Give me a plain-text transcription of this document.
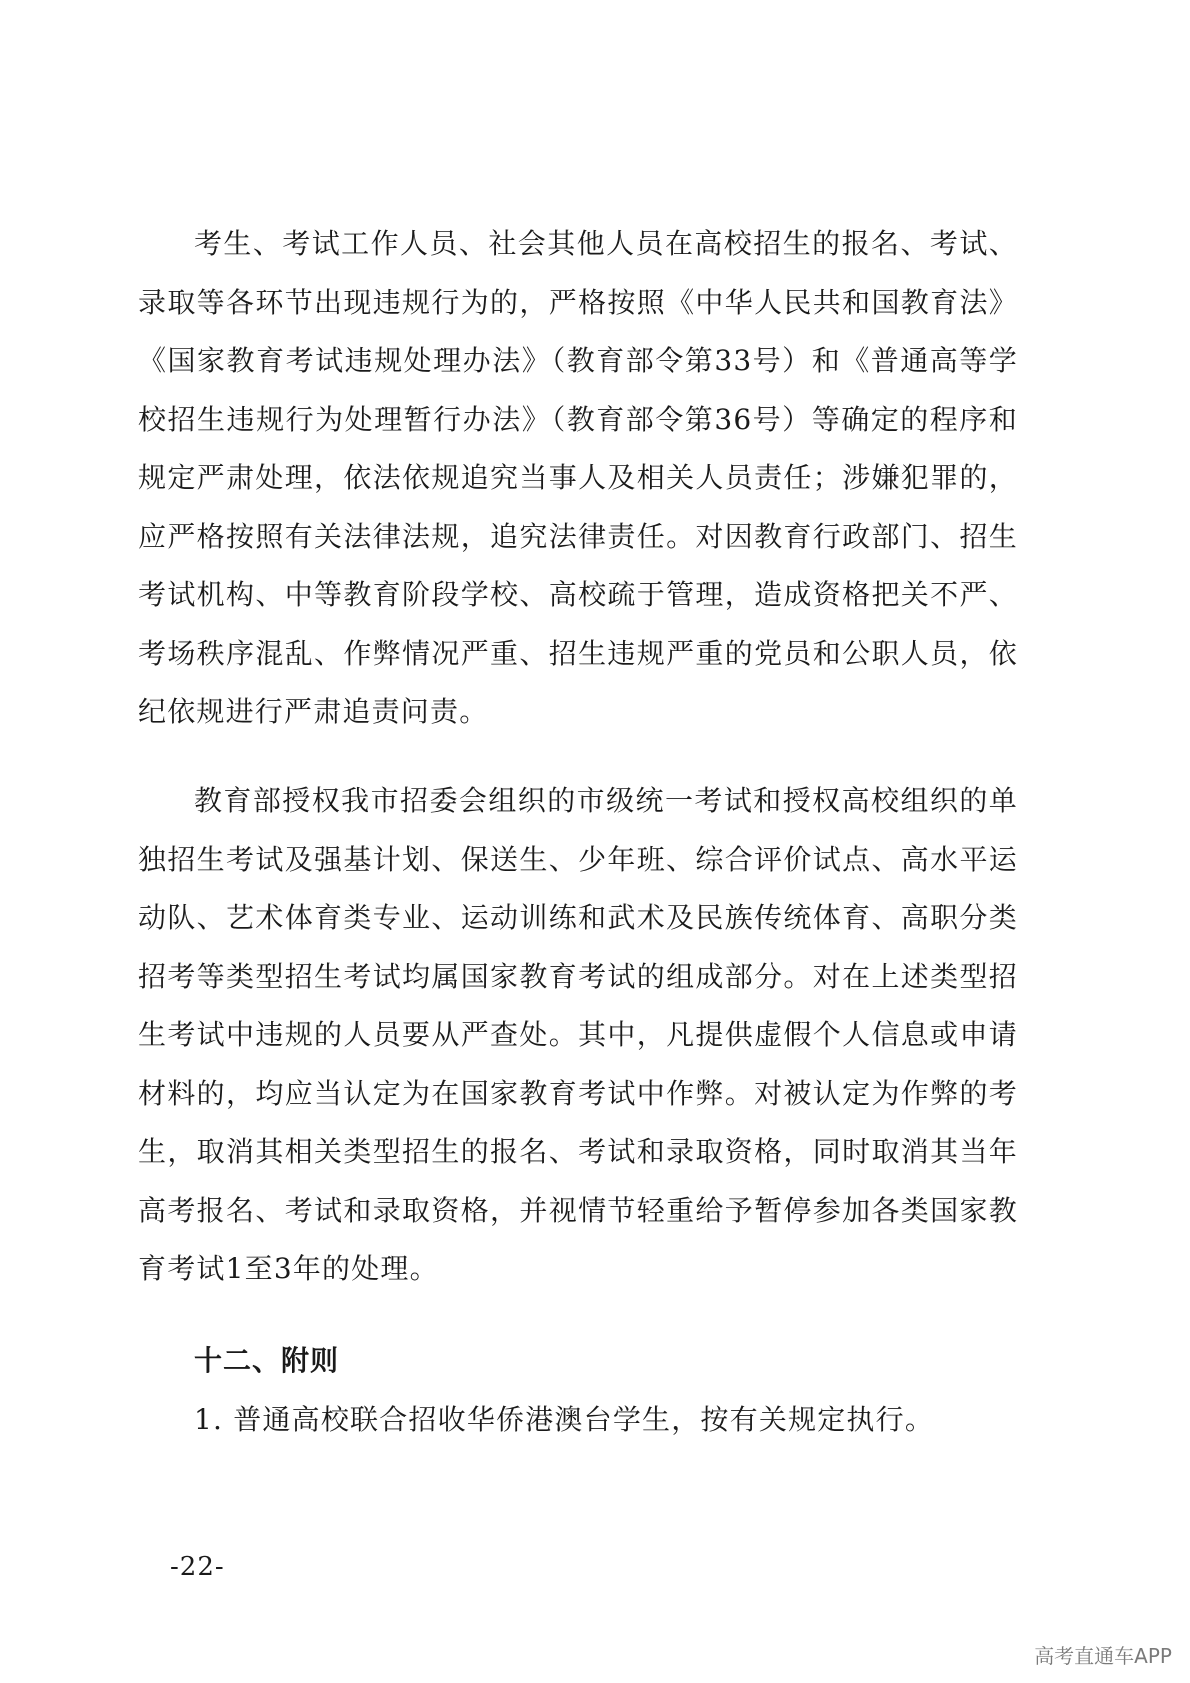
考生、考试工作人员、社会其他人员在高校招生的报名、考试、录取等各环节出现违规行为的，严格按照《中华人民共和国教育法》《国家教育考试违规处理办法》（教育部令第33号）和《普通高等学校招生违规行为处理暂行办法》（教育部令第36号）等确定的程序和规定严肃处理，依法依规追究当事人及相关人员责任；涉嫌犯罪的，应严格按照有关法律法规，追究法律责任。对因教育行政部门、招生考试机构、中等教育阶段学校、高校疏于管理，造成资格把关不严、考场秩序混乱、作弊情况严重、招生违规严重的党员和公职人员，依纪依规进行严肃追责问责。

教育部授权我市招委会组织的市级统一考试和授权高校组织的单独招生考试及强基计划、保送生、少年班、综合评价试点、高水平运动队、艺术体育类专业、运动训练和武术及民族传统体育、高职分类招考等类型招生考试均属国家教育考试的组成部分。对在上述类型招生考试中违规的人员要从严查处。其中，凡提供虚假个人信息或申请材料的，均应当认定为在国家教育考试中作弊。对被认定为作弊的考生，取消其相关类型招生的报名、考试和录取资格，同时取消其当年高考报名、考试和录取资格，并视情节轻重给予暂停参加各类国家教育考试1至3年的处理。

十二、附则

1. 普通高校联合招收华侨港澳台学生，按有关规定执行。

-22-
高考直通车APP
